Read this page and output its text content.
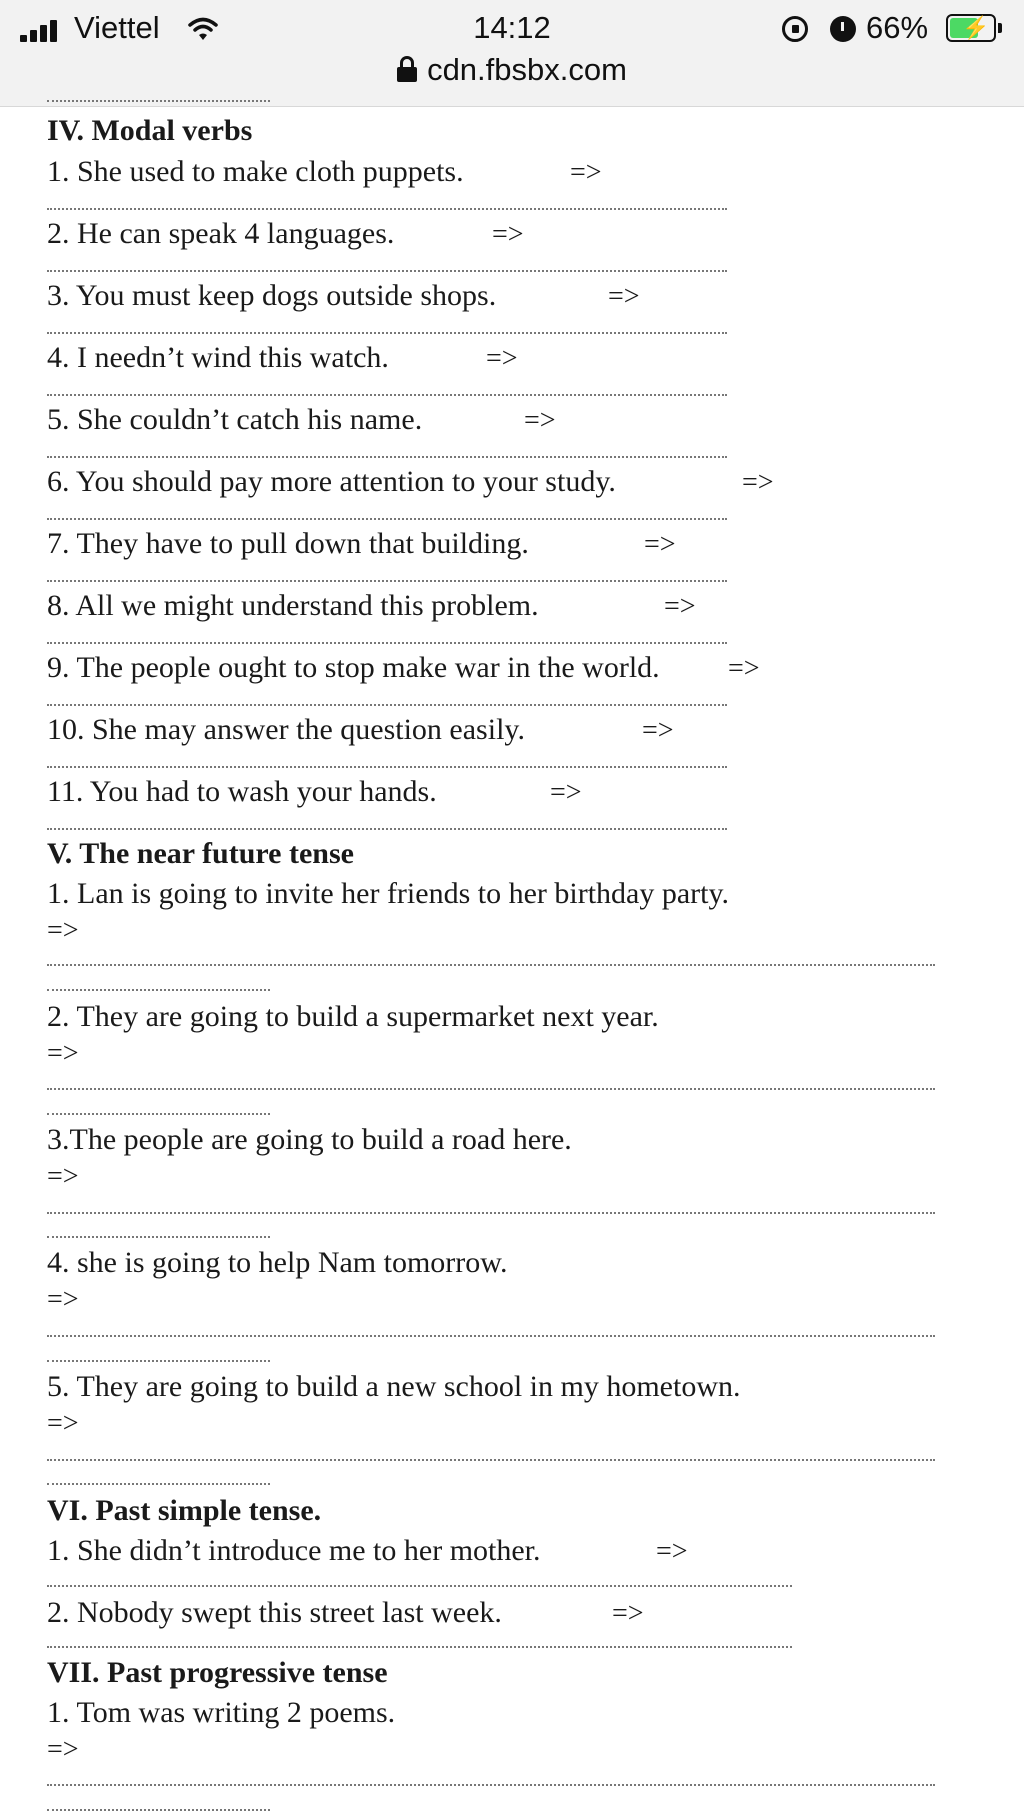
Viettel	14:12	66% ⚡
cdn.fbsbx.com
IV. Modal verbs
1. She used to make cloth puppets.	=>
2. He can speak 4 languages.	=>
3. You must keep dogs outside shops.	=>
4. I needn’t wind this watch.	=>
5. She couldn’t catch his name.	=>
6. You should pay more attention to your study.	=>
7. They have to pull down that building.	=>
8. All we might understand this problem.	=>
9. The people ought to stop make war in the world. =>
10. She may answer the question easily.	=>
11. You had to wash your hands.	=>
V. The near future tense
1. Lan is going to invite her friends to her birthday party.
=>
2. They are going to build a supermarket next year.
=>
3.The people are going to build a road here.
=>
4. she is going to help Nam tomorrow.
=>
5. They are going to build a new school in my hometown.
=>
VI. Past simple tense.
1. She didn’t introduce me to her mother.	=>
2. Nobody swept this street last week.	=>
VII. Past progressive tense
1. Tom was writing 2 poems.
=>
